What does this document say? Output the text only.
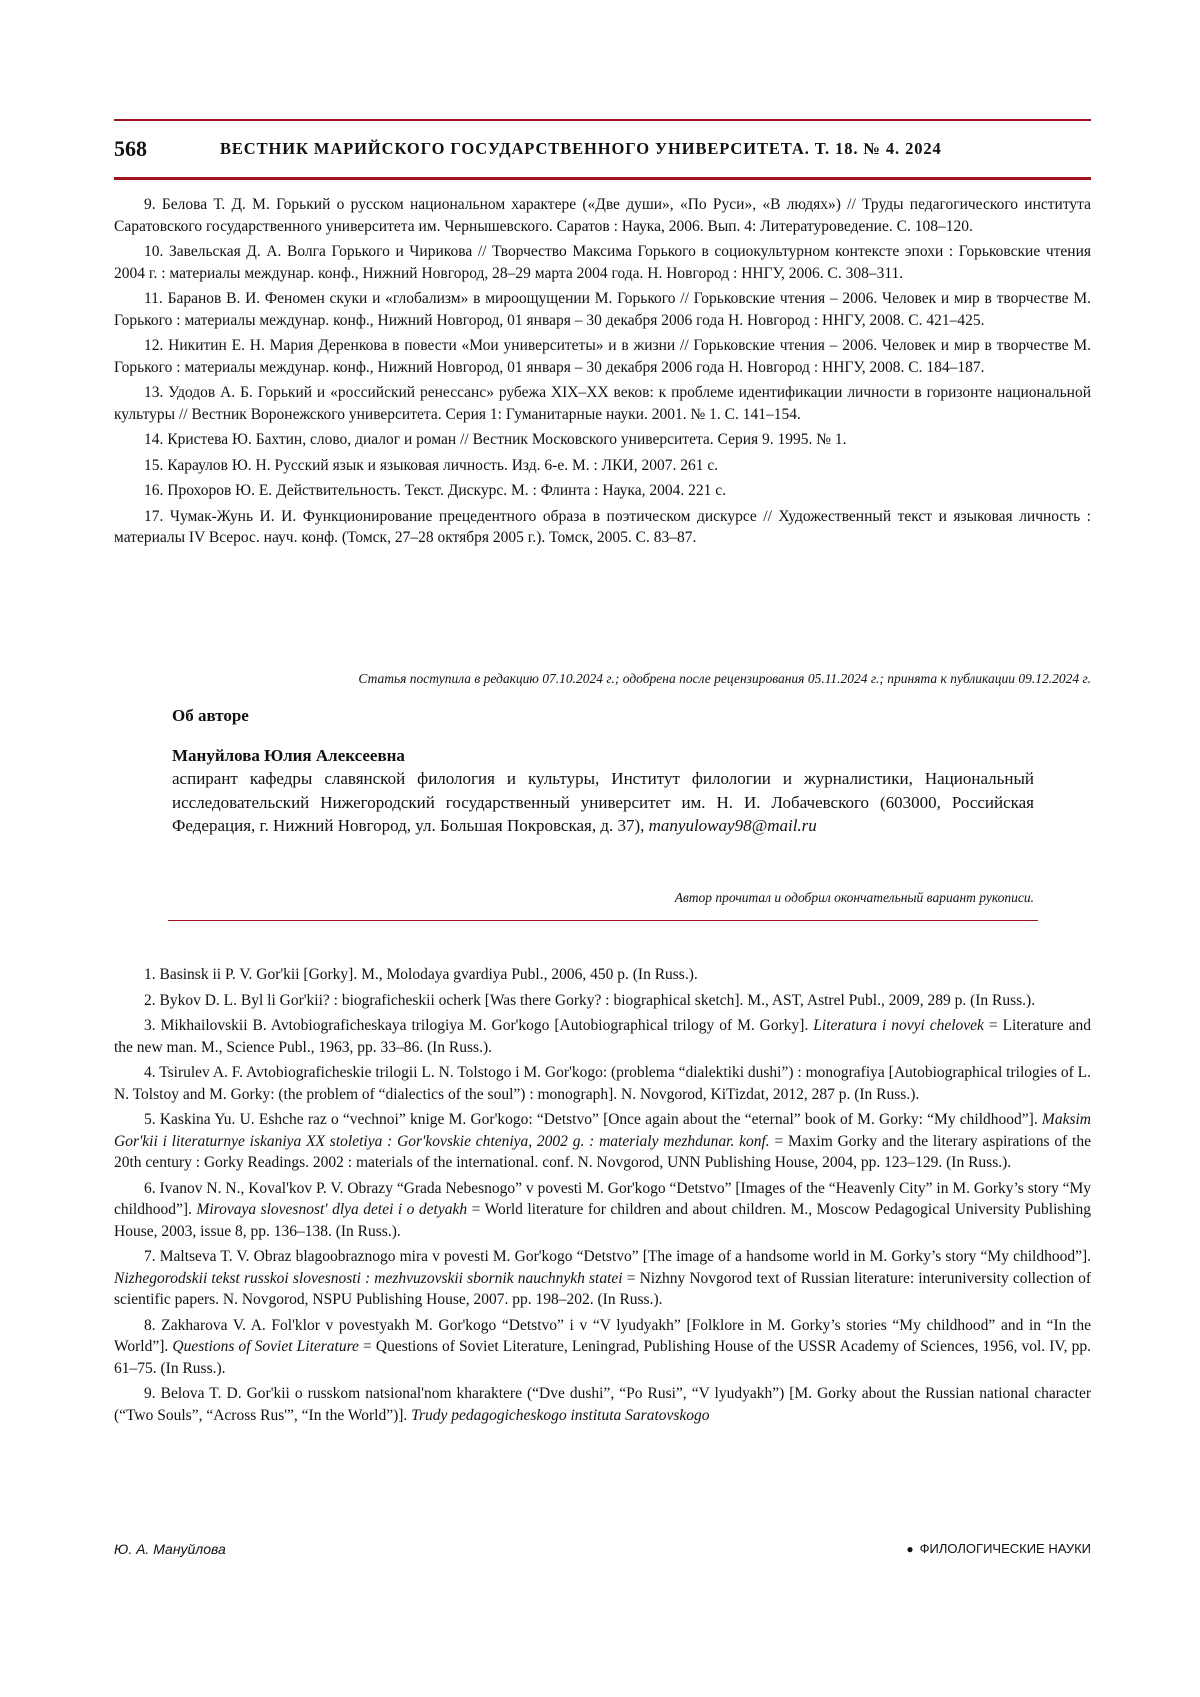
568	ВЕСТНИК МАРИЙСКОГО ГОСУДАРСТВЕННОГО УНИВЕРСИТЕТА. Т. 18. № 4. 2024

9. Белова Т. Д. М. Горький о русском национальном характере («Две души», «По Руси», «В людях») // Труды педагогического института Саратовского государственного университета им. Чернышевского. Саратов : Наука, 2006. Вып. 4: Литературоведение. С. 108–120.

10. Завельская Д. А. Волга Горького и Чирикова // Творчество Максима Горького в социокультурном контексте эпохи : Горьковские чтения 2004 г. : материалы междунар. конф., Нижний Новгород, 28–29 марта 2004 года. Н. Новгород : ННГУ, 2006. С. 308–311.

11. Баранов В. И. Феномен скуки и «глобализм» в мироощущении М. Горького // Горьковские чтения – 2006. Человек и мир в творчестве М. Горького : материалы междунар. конф., Нижний Новгород, 01 января – 30 декабря 2006 года Н. Новгород : ННГУ, 2008. С. 421–425.

12. Никитин Е. Н. Мария Деренкова в повести «Мои университеты» и в жизни // Горьковские чтения – 2006. Человек и мир в творчестве М. Горького : материалы междунар. конф., Нижний Новгород, 01 января – 30 декабря 2006 года Н. Новгород : ННГУ, 2008. С. 184–187.

13. Удодов А. Б. Горький и «российский ренессанс» рубежа XIX–XX веков: к проблеме идентификации личности в горизонте национальной культуры // Вестник Воронежского университета. Серия 1: Гуманитарные науки. 2001. № 1. С. 141–154.

14. Кристева Ю. Бахтин, слово, диалог и роман // Вестник Московского университета. Серия 9. 1995. № 1.

15. Караулов Ю. Н. Русский язык и языковая личность. Изд. 6-е. М. : ЛКИ, 2007. 261 с.

16. Прохоров Ю. Е. Действительность. Текст. Дискурс. М. : Флинта : Наука, 2004. 221 с.

17. Чумак-Жунь И. И. Функционирование прецедентного образа в поэтическом дискурсе // Художественный текст и языковая личность : материалы IV Всерос. науч. конф. (Томск, 27–28 октября 2005 г.). Томск, 2005. С. 83–87.

Статья поступила в редакцию 07.10.2024 г.; одобрена после рецензирования 05.11.2024 г.; принята к публикации 09.12.2024 г.

Об авторе

Мануйлова Юлия Алексеевна

аспирант кафедры славянской филология и культуры, Институт филологии и журналистики, Национальный исследовательский Нижегородский государственный университет им. Н. И. Лобачевского (603000, Российская Федерация, г. Нижний Новгород, ул. Большая Покровская, д. 37), manyuloway98@mail.ru

Автор прочитал и одобрил окончательный вариант рукописи.

1. Basinsk ii P. V. Gor'kii [Gorky]. M., Molodaya gvardiya Publ., 2006, 450 p. (In Russ.).

2. Bykov D. L. Byl li Gor'kii? : biograficheskii ocherk [Was there Gorky? : biographical sketch]. M., AST, Astrel Publ., 2009, 289 p. (In Russ.).

3. Mikhailovskii B. Avtobiograficheskaya trilogiya M. Gor'kogo [Autobiographical trilogy of M. Gorky]. Literatura i novyi chelovek = Literature and the new man. M., Science Publ., 1963, pp. 33–86. (In Russ.).

4. Tsirulev A. F. Avtobiograficheskie trilogii L. N. Tolstogo i M. Gor'kogo: (problema “dialektiki dushi”) : monografiya [Autobiographical trilogies of L. N. Tolstoy and M. Gorky: (the problem of “dialectics of the soul”) : monograph]. N. Novgorod, KiTizdat, 2012, 287 p. (In Russ.).

5. Kaskina Yu. U. Eshche raz o “vechnoi” knige M. Gor'kogo: “Detstvo” [Once again about the “eternal” book of M. Gorky: “My childhood”]. Maksim Gor'kii i literaturnye iskaniya XX stoletiya : Gor'kovskie chteniya, 2002 g. : materialy mezhdunar. konf. = Maxim Gorky and the literary aspirations of the 20th century : Gorky Readings. 2002 : materials of the international. conf. N. Novgorod, UNN Publishing House, 2004, pp. 123–129. (In Russ.).

6. Ivanov N. N., Koval'kov P. V. Obrazy “Grada Nebesnogo” v povesti M. Gor'kogo “Detstvo” [Images of the “Heavenly City” in M. Gorky’s story “My childhood”]. Mirovaya slovesnost' dlya detei i o detyakh = World literature for children and about children. M., Moscow Pedagogical University Publishing House, 2003, issue 8, pp. 136–138. (In Russ.).

7. Maltseva T. V. Obraz blagoobraznogo mira v povesti M. Gor'kogo “Detstvo” [The image of a handsome world in M. Gorky’s story “My childhood”]. Nizhegorodskii tekst russkoi slovesnosti : mezhvuzovskii sbornik nauchnykh statei = Nizhny Novgorod text of Russian literature: interuniversity collection of scientific papers. N. Novgorod, NSPU Publishing House, 2007. pp. 198–202. (In Russ.).

8. Zakharova V. A. Fol'klor v povestyakh M. Gor'kogo “Detstvo” i v “V lyudyakh” [Folklore in M. Gorky’s stories “My childhood” and in “In the World”]. Questions of Soviet Literature = Questions of Soviet Literature, Leningrad, Publishing House of the USSR Academy of Sciences, 1956, vol. IV, pp. 61–75. (In Russ.).

9. Belova T. D. Gor'kii o russkom natsional'nom kharaktere (“Dve dushi”, “Po Rusi”, “V lyudyakh”) [M. Gorky about the Russian national character (“Two Souls”, “Across Rus'”, “In the World”)]. Trudy pedagogicheskogo instituta Saratovskogo

Ю. А. Мануйлова	● ФИЛОЛОГИЧЕСКИЕ НАУКИ
